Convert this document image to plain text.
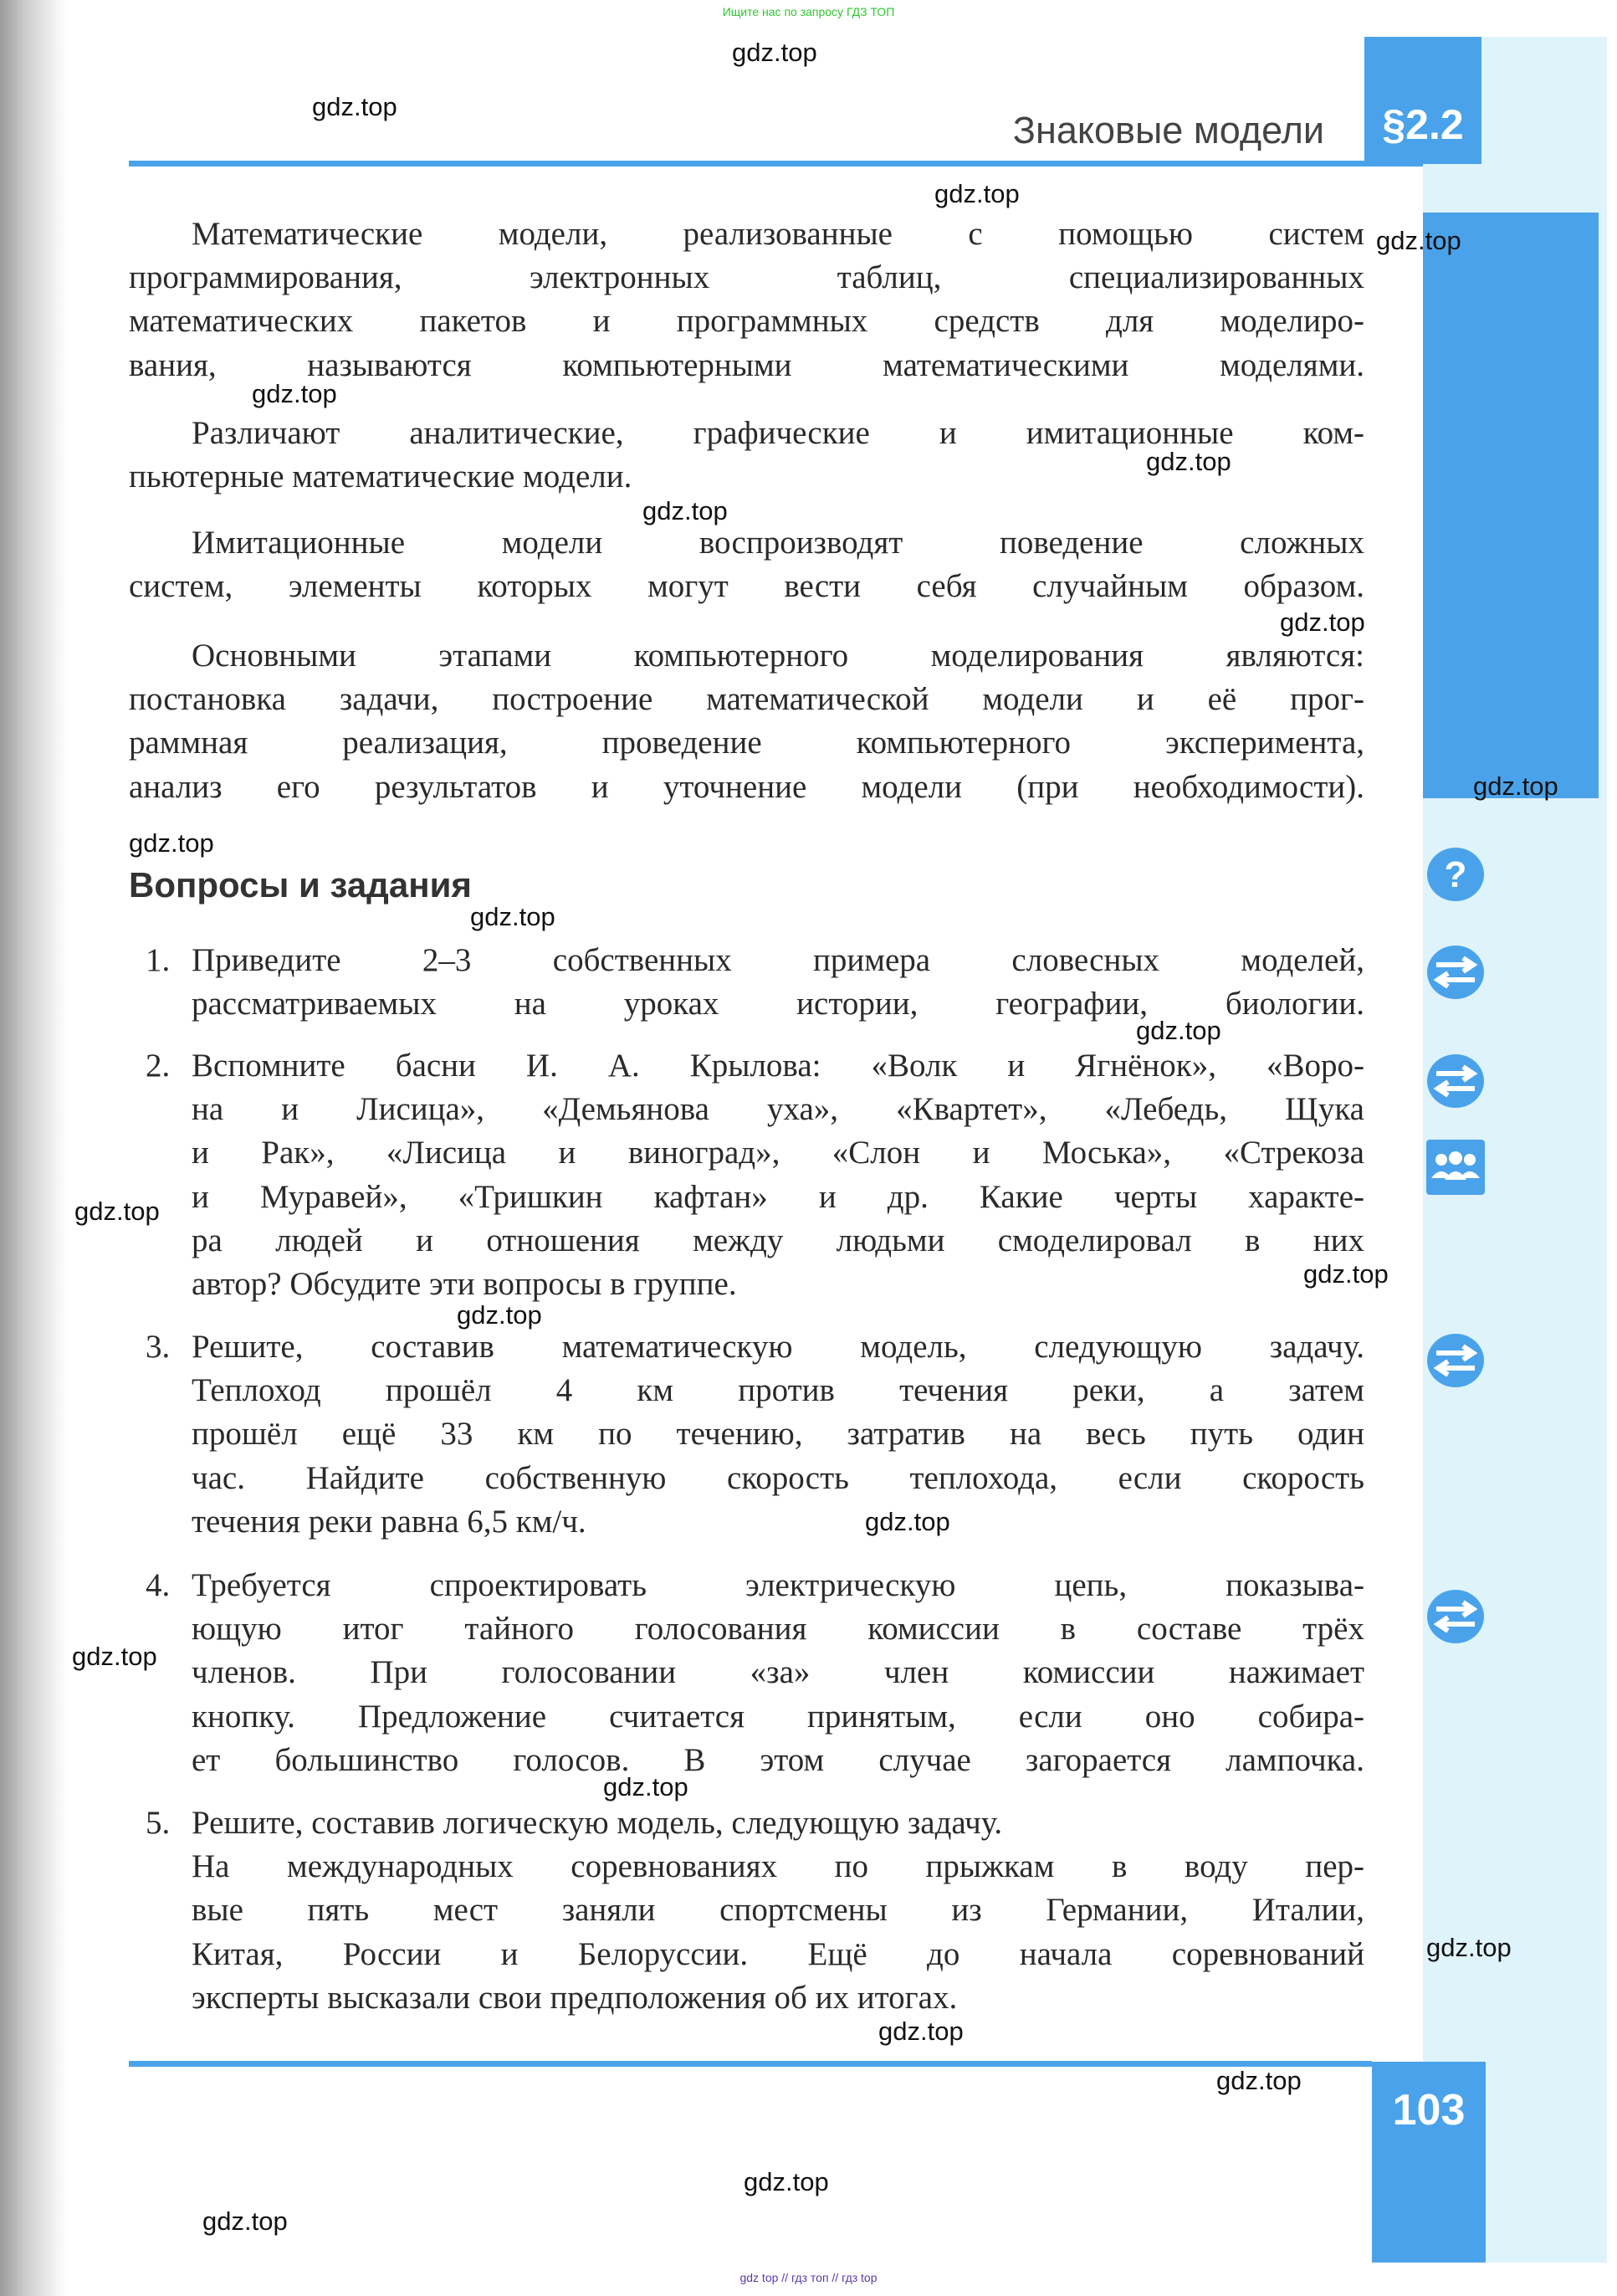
Ищите нас по запросу ГДЗ ТОП
§2.2
Знаковые модели
Математические модели, реализованные с помощью систем
программирования, электронных таблиц, специализированных
математических пакетов и программных средств для моделиро-
вания, называются компьютерными математическими моделями.
Различают аналитические, графические и имитационные ком-
пьютерные математические модели.
Имитационные модели воспроизводят поведение сложных
систем, элементы которых могут вести себя случайным образом.
Основными этапами компьютерного моделирования являются:
постановка задачи, построение математической модели и её прог-
раммная реализация, проведение компьютерного эксперимента,
анализ его результатов и уточнение модели (при необходимости).
Вопросы и задания
1. Приведите 2–3 собственных примера словесных моделей,
рассматриваемых на уроках истории, географии, биологии.
2. Вспомните басни И. А. Крылова: «Волк и Ягнёнок», «Воро-
на и Лисица», «Демьянова уха», «Квартет», «Лебедь, Щука
и Рак», «Лисица и виноград», «Слон и Моська», «Стрекоза
и Муравей», «Тришкин кафтан» и др. Какие черты характе-
ра людей и отношения между людьми смоделировал в них
автор? Обсудите эти вопросы в группе.
3. Решите, составив математическую модель, следующую задачу.
Теплоход прошёл 4 км против течения реки, а затем
прошёл ещё 33 км по течению, затратив на весь путь один
час. Найдите собственную скорость теплохода, если скорость
течения реки равна 6,5 км/ч.
4. Требуется спроектировать электрическую цепь, показыва-
ющую итог тайного голосования комиссии в составе трёх
членов. При голосовании «за» член комиссии нажимает
кнопку. Предложение считается принятым, если оно собира-
ет большинство голосов. В этом случае загорается лампочка.
5. Решите, составив логическую модель, следующую задачу.
На международных соревнованиях по прыжкам в воду пер-
вые пять мест заняли спортсмены из Германии, Италии,
Китая, России и Белоруссии. Ещё до начала соревнований
эксперты высказали свои предположения об их итогах.
?
103
gdz.top
gdz.top
gdz.top
gdz.top
gdz.top
gdz.top
gdz.top
gdz.top
gdz.top
gdz.top
gdz.top
gdz.top
gdz.top
gdz.top
gdz.top
gdz.top
gdz.top
gdz.top
gdz.top
gdz.top
gdz.top
gdz.top
gdz.top
gdz top // гдз топ // гдз top
